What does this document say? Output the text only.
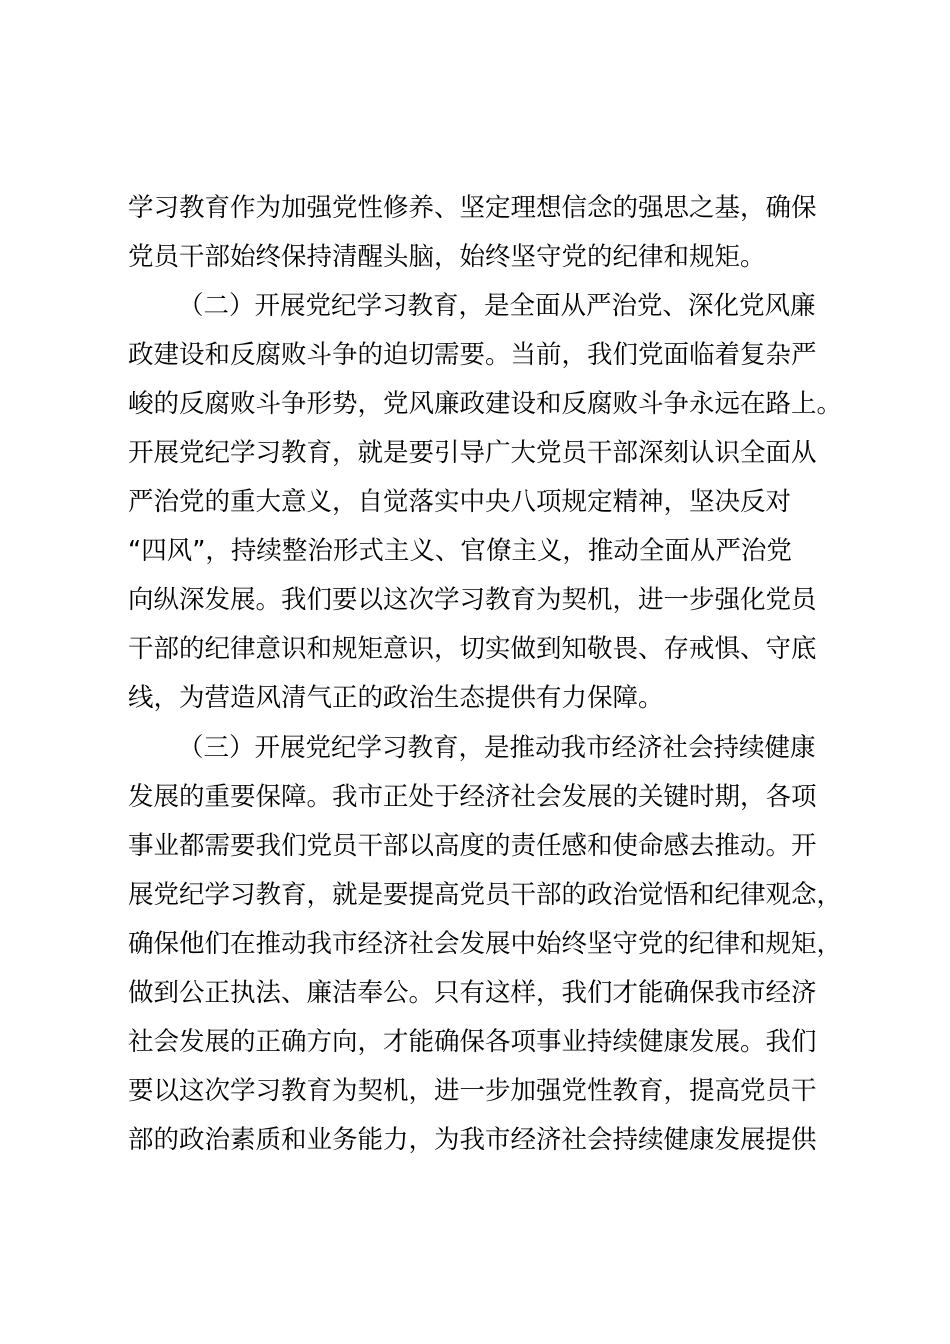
学习教育作为加强党性修养、坚定理想信念的强思之基，确保
党员干部始终保持清醒头脑，始终坚守党的纪律和规矩。
（二）开展党纪学习教育，是全面从严治党、深化党风廉
政建设和反腐败斗争的迫切需要。当前，我们党面临着复杂严
峻的反腐败斗争形势，党风廉政建设和反腐败斗争永远在路上。
开展党纪学习教育，就是要引导广大党员干部深刻认识全面从
严治党的重大意义，自觉落实中央八项规定精神，坚决反对
“四风”，持续整治形式主义、官僚主义，推动全面从严治党
向纵深发展。我们要以这次学习教育为契机，进一步强化党员
干部的纪律意识和规矩意识，切实做到知敬畏、存戒惧、守底
线，为营造风清气正的政治生态提供有力保障。
（三）开展党纪学习教育，是推动我市经济社会持续健康
发展的重要保障。我市正处于经济社会发展的关键时期，各项
事业都需要我们党员干部以高度的责任感和使命感去推动。开
展党纪学习教育，就是要提高党员干部的政治觉悟和纪律观念，
确保他们在推动我市经济社会发展中始终坚守党的纪律和规矩，
做到公正执法、廉洁奉公。只有这样，我们才能确保我市经济
社会发展的正确方向，才能确保各项事业持续健康发展。我们
要以这次学习教育为契机，进一步加强党性教育，提高党员干
部的政治素质和业务能力，为我市经济社会持续健康发展提供
